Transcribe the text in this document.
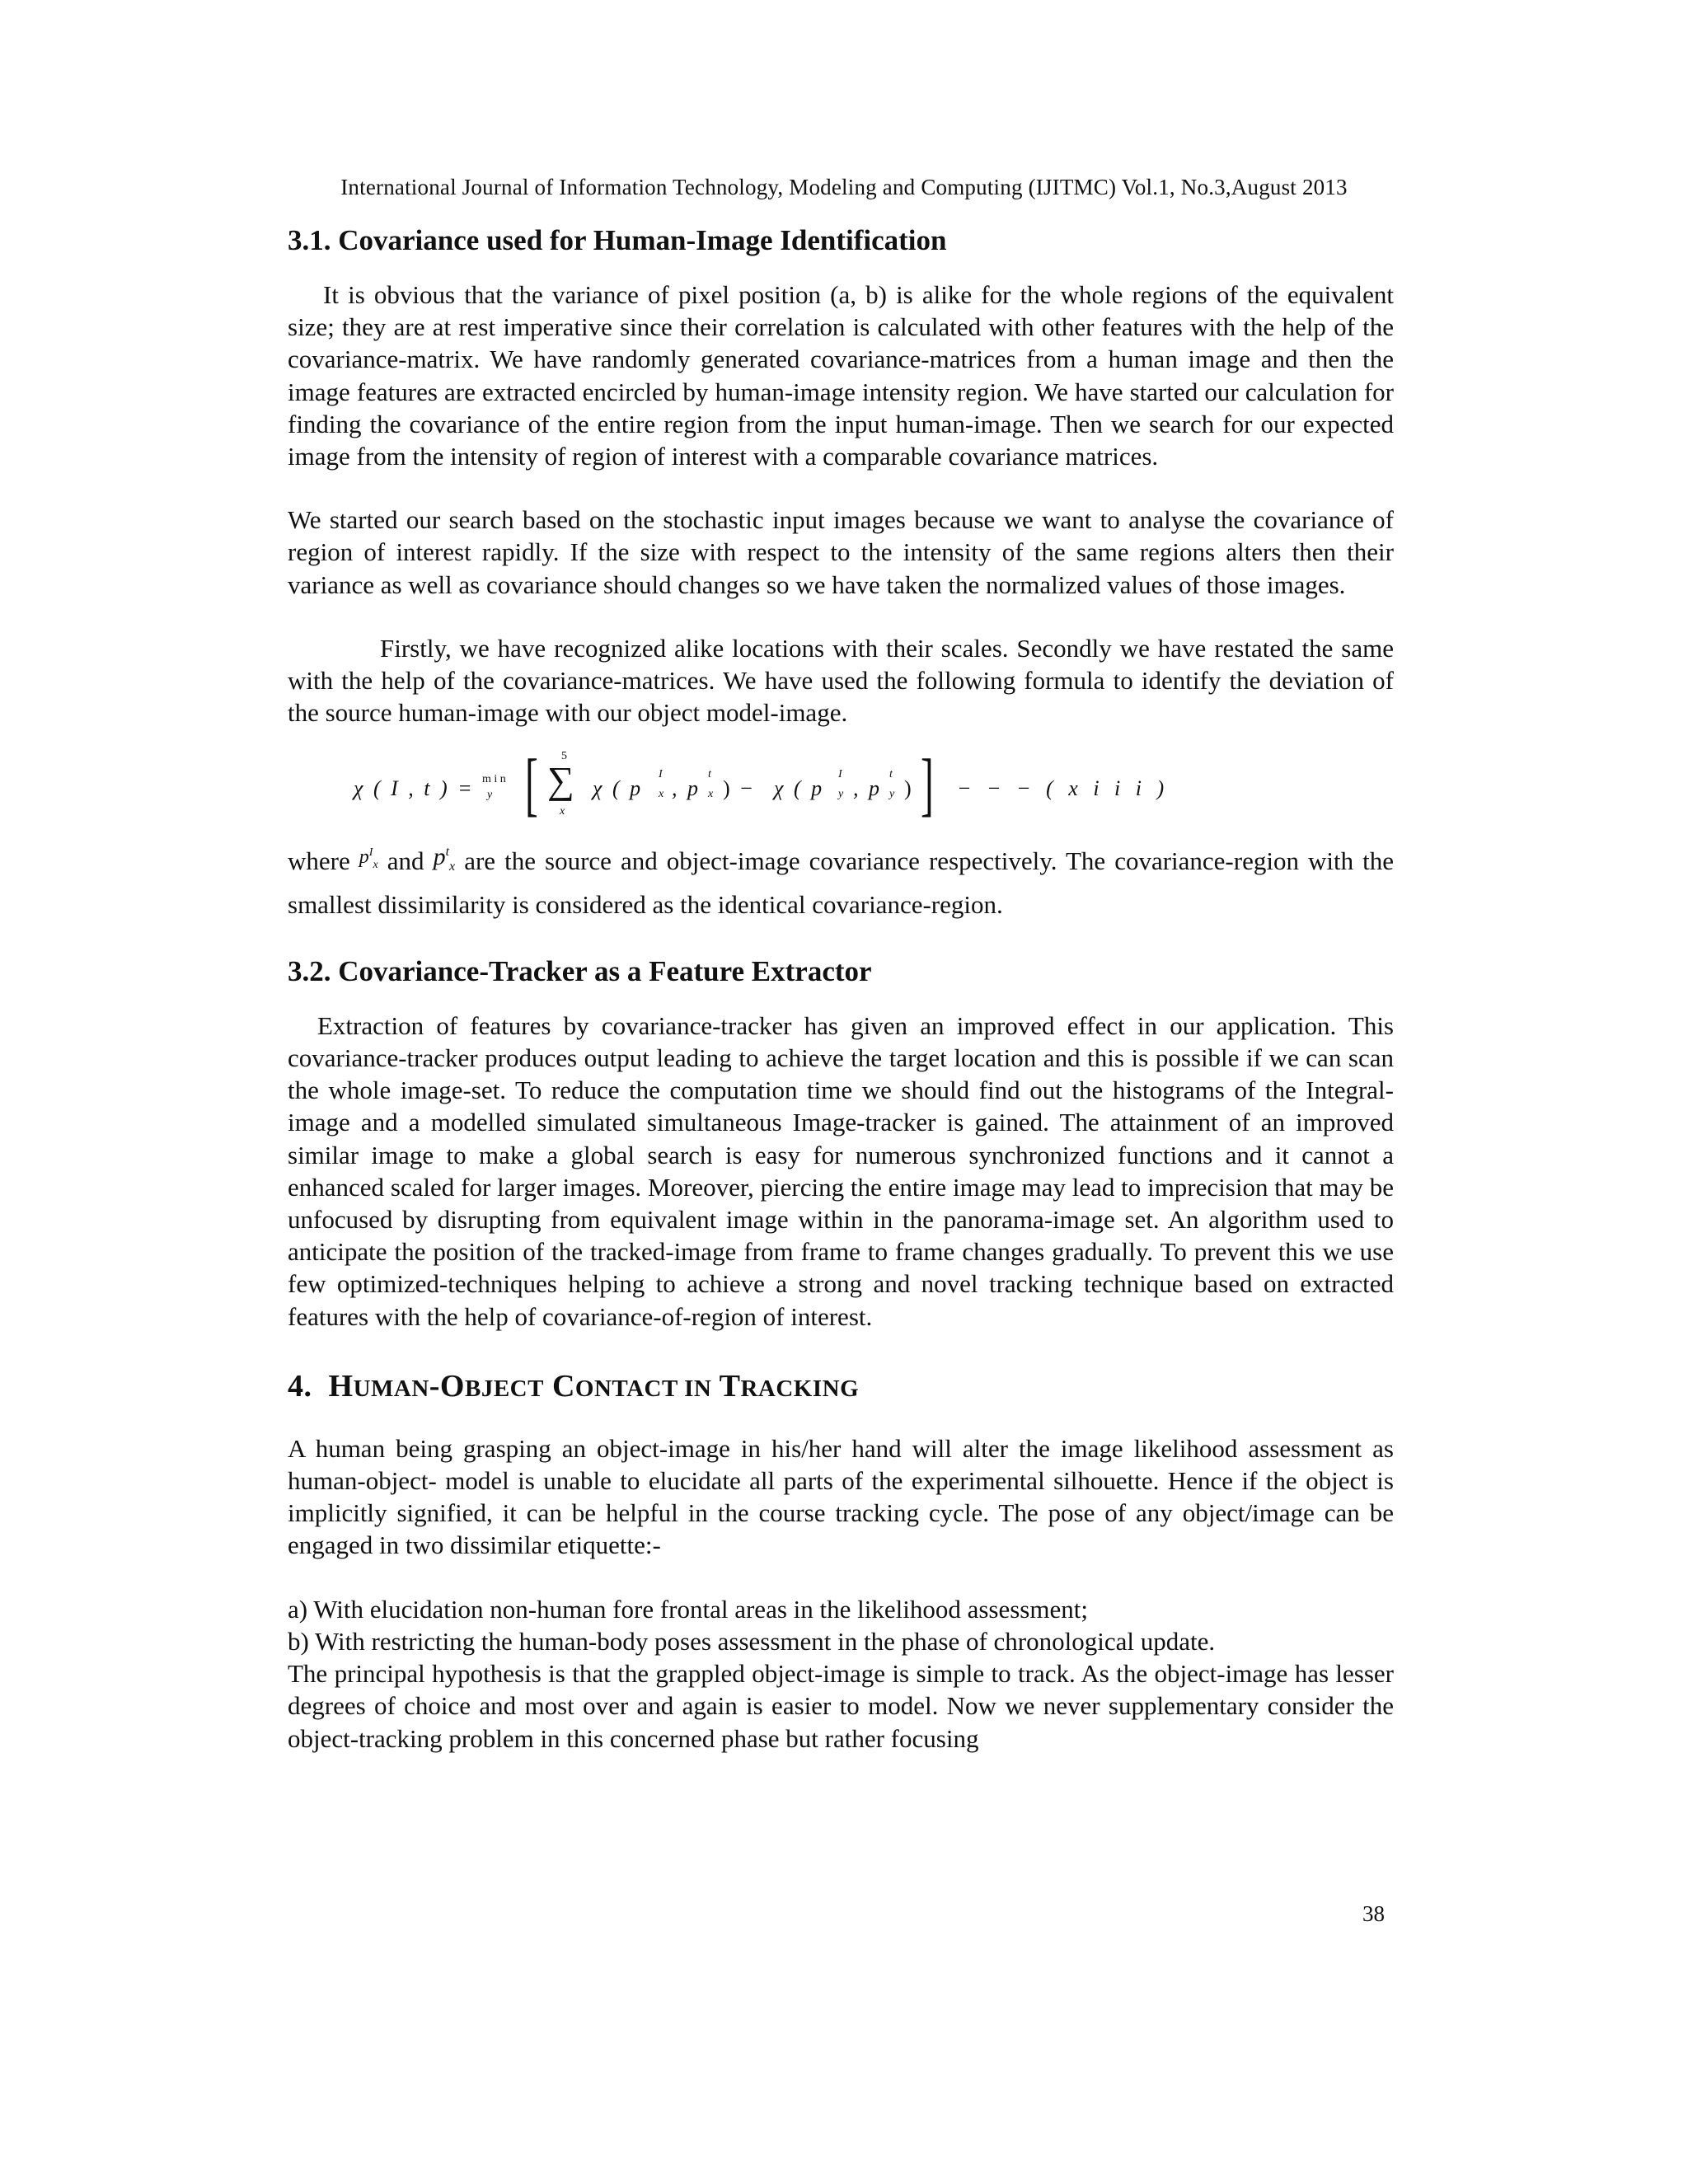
International Journal of Information Technology, Modeling and Computing (IJITMC) Vol.1, No.3,August 2013
3.1. Covariance used for Human-Image Identification

It is obvious that the variance of pixel position (a, b) is alike for the whole regions of the equivalent size; they are at rest imperative since their correlation is calculated with other features with the help of the covariance-matrix. We have randomly generated covariance-matrices from a human image and then the image features are extracted encircled by human-image intensity region. We have started our calculation for finding the covariance of the entire region from the input human-image. Then we search for our expected image from the intensity of region of interest with a comparable covariance matrices.

We started our search based on the stochastic input images because we want to analyse the covariance of region of interest rapidly. If the size with respect to the intensity of the same regions alters then their variance as well as covariance should changes so we have taken the normalized values of those images.

Firstly, we have recognized alike locations with their scales. Secondly we have restated the same with the help of the covariance-matrices. We have used the following formula to identify the deviation of the source human-image with our object model-image.

χ ( I , t ) = m i n
y [ 5
∑
x
χ ( p
I
x , p
t
x ) − χ ( p
I
y , p
t
y ) ] − − − ( x i i i )

where $^{p^I_x}$ and $p^t_x$ are the source and object-image covariance respectively. The covariance-region with the smallest dissimilarity is considered as the identical covariance-region.

3.2. Covariance-Tracker as a Feature Extractor

Extraction of features by covariance-tracker has given an improved effect in our application. This covariance-tracker produces output leading to achieve the target location and this is possible if we can scan the whole image-set. To reduce the computation time we should find out the histograms of the Integral-image and a modelled simulated simultaneous Image-tracker is gained. The attainment of an improved similar image to make a global search is easy for numerous synchronized functions and it cannot a enhanced scaled for larger images. Moreover, piercing the entire image may lead to imprecision that may be unfocused by disrupting from equivalent image within in the panorama-image set. An algorithm used to anticipate the position of the tracked-image from frame to frame changes gradually. To prevent this we use few optimized-techniques helping to achieve a strong and novel tracking technique based on extracted features with the help of covariance-of-region of interest.

4. HUMAN-OBJECT CONTACT IN TRACKING

A human being grasping an object-image in his/her hand will alter the image likelihood assessment as human-object- model is unable to elucidate all parts of the experimental silhouette. Hence if the object is implicitly signified, it can be helpful in the course tracking cycle. The pose of any object/image can be engaged in two dissimilar etiquette:-

a) With elucidation non-human fore frontal areas in the likelihood assessment;

b) With restricting the human-body poses assessment in the phase of chronological update.

The principal hypothesis is that the grappled object-image is simple to track. As the object-image has lesser degrees of choice and most over and again is easier to model. Now we never supplementary consider the object-tracking problem in this concerned phase but rather focusing

38
